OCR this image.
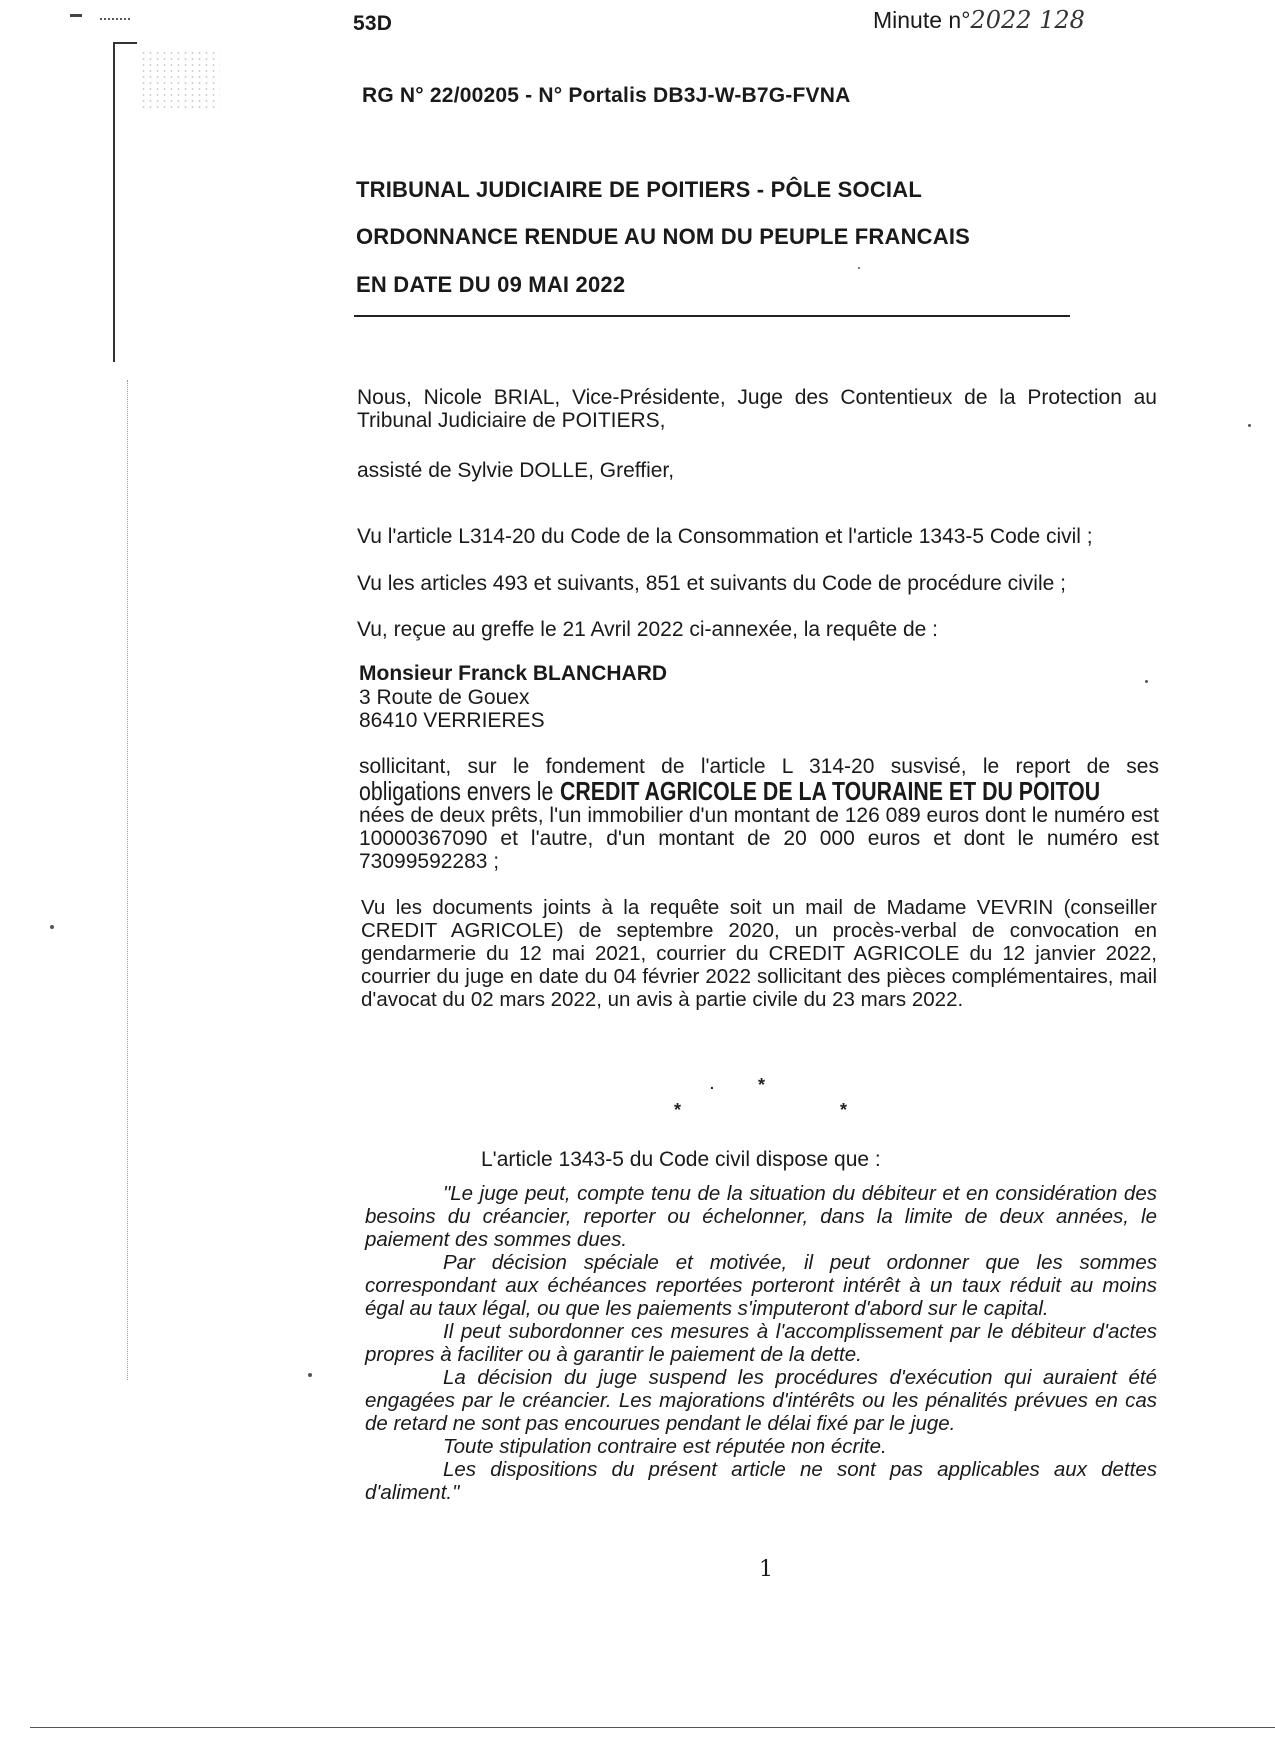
53D	Minute n°2022 128
RG N° 22/00205 - N° Portalis DB3J-W-B7G-FVNA
TRIBUNAL JUDICIAIRE DE POITIERS - PÔLE SOCIAL
ORDONNANCE RENDUE AU NOM DU PEUPLE FRANCAIS
EN DATE DU 09 MAI 2022

Nous, Nicole BRIAL, Vice-Présidente, Juge des Contentieux de la Protection au Tribunal Judiciaire de POITIERS,

assisté de Sylvie DOLLE, Greffier,

Vu l'article L314-20 du Code de la Consommation et l'article 1343-5 Code civil ;

Vu les articles 493 et suivants, 851 et suivants du Code de procédure civile ;

Vu, reçue au greffe le 21 Avril 2022 ci-annexée, la requête de :

Monsieur Franck BLANCHARD
3 Route de Gouex
86410 VERRIERES

sollicitant, sur le fondement de l'article L 314-20 susvisé, le report de ses

obligations envers leCREDIT AGRICOLE DE LA TOURAINE ET DU POITOU

nées de deux prêts, l'un immobilier d'un montant de 126 089 euros dont le numéro est 10000367090 et l'autre, d'un montant de 20 000 euros et dont le numéro est 73099592283 ;

Vu les documents joints à la requête soit un mail de Madame VEVRIN (conseiller CREDIT AGRICOLE) de septembre 2020, un procès-verbal de convocation en gendarmerie du 12 mai 2021, courrier du CREDIT AGRICOLE du 12 janvier 2022, courrier du juge en date du 04 février 2022 sollicitant des pièces complémentaires, mail d'avocat du 02 mars 2022, un avis à partie civile du 23 mars 2022.

. *
*	*

L'article 1343-5 du Code civil dispose que :

"Le juge peut, compte tenu de la situation du débiteur et en considération des besoins du créancier, reporter ou échelonner, dans la limite de deux années, le paiement des sommes dues.

Par décision spéciale et motivée, il peut ordonner que les sommes correspondant aux échéances reportées porteront intérêt à un taux réduit au moins égal au taux légal, ou que les paiements s'imputeront d'abord sur le capital.

Il peut subordonner ces mesures à l'accomplissement par le débiteur d'actes propres à faciliter ou à garantir le paiement de la dette.

La décision du juge suspend les procédures d'exécution qui auraient été engagées par le créancier. Les majorations d'intérêts ou les pénalités prévues en cas de retard ne sont pas encourues pendant le délai fixé par le juge.

Toute stipulation contraire est réputée non écrite.

Les dispositions du présent article ne sont pas applicables aux dettes d'aliment."

1
